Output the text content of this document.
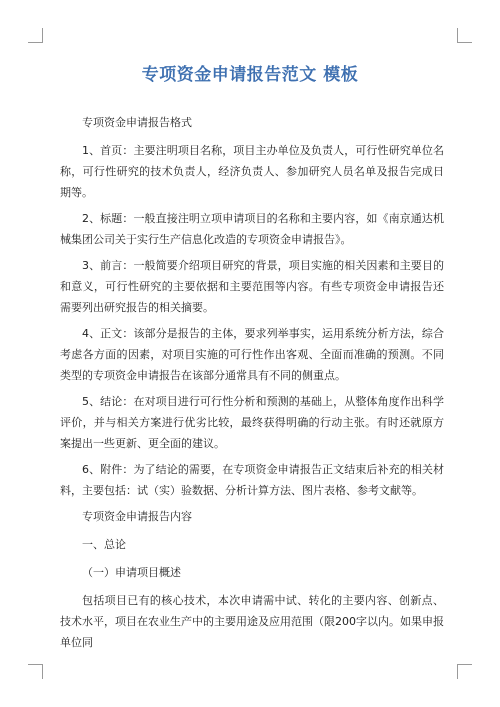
专项资金申请报告范文 模板

专项资金申请报告格式

1、首页：主要注明项目名称，项目主办单位及负责人，可行性研究单位名称，可行性研究的技术负责人，经济负责人、参加研究人员名单及报告完成日期等。

2、标题：一般直接注明立项申请项目的名称和主要内容，如《南京通达机械集团公司关于实行生产信息化改造的专项资金申请报告》。

3、前言：一般简要介绍项目研究的背景，项目实施的相关因素和主要目的和意义，可行性研究的主要依据和主要范围等内容。有些专项资金申请报告还需要列出研究报告的相关摘要。

4、正文：该部分是报告的主体，要求列举事实，运用系统分析方法，综合考虑各方面的因素，对项目实施的可行性作出客观、全面而准确的预测。不同类型的专项资金申请报告在该部分通常具有不同的侧重点。

5、结论：在对项目进行可行性分析和预测的基础上，从整体角度作出科学评价，并与相关方案进行优劣比较，最终获得明确的行动主张。有时还就原方案提出一些更新、更全面的建议。

6、附件：为了结论的需要，在专项资金申请报告正文结束后补充的相关材料，主要包括：试（实）验数据、分析计算方法、图片表格、参考文献等。

专项资金申请报告内容

一、总论

（一）申请项目概述

包括项目已有的核心技术，本次申请需中试、转化的主要内容、创新点、技术水平，项目在农业生产中的主要用途及应用范围（限200字以内。如果申报单位同
